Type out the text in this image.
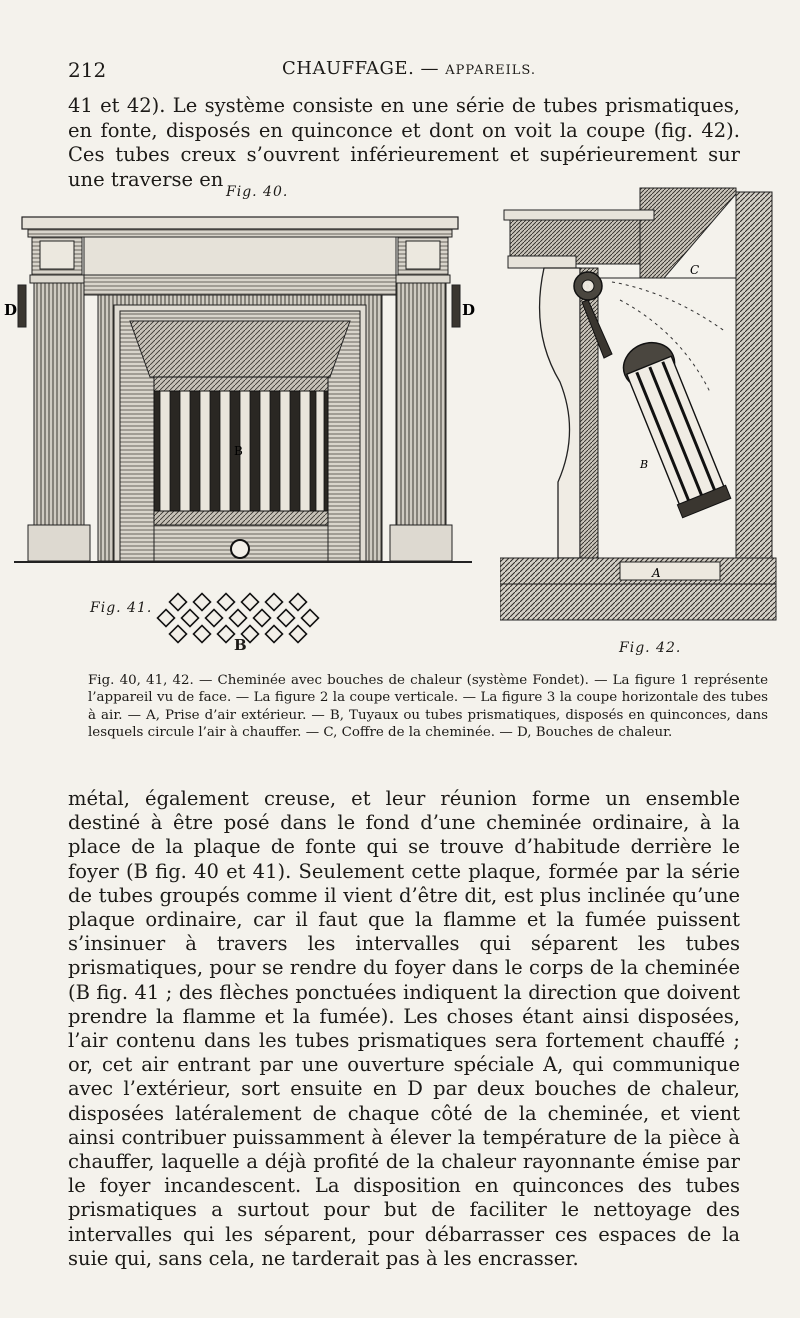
212	CHAUFFAGE. — APPAREILS.

41 et 42). Le système consiste en une série de tubes prismatiques, en fonte, disposés en quinconce et dont on voit la coupe (fig. 42). Ces tubes creux s’ouvrent inférieurement et supérieurement sur une traverse en

Fig. 40.
Fig. 41.
Fig. 42.
D	D
B
B
C
D
B
A

Fig. 40, 41, 42. — Cheminée avec bouches de chaleur (système Fondet). — La figure 1 représente l’appareil vu de face. — La figure 2 la coupe verticale. — La figure 3 la coupe horizontale des tubes à air. — A, Prise d’air extérieur. — B, Tuyaux ou tubes prismatiques, disposés en quinconces, dans lesquels circule l’air à chauffer. — C, Coffre de la cheminée. — D, Bouches de chaleur.

métal, également creuse, et leur réunion forme un ensemble destiné à être posé dans le fond d’une cheminée ordinaire, à la place de la plaque de fonte qui se trouve d’habitude derrière le foyer (B fig. 40 et 41). Seulement cette plaque, formée par la série de tubes groupés comme il vient d’être dit, est plus inclinée qu’une plaque ordinaire, car il faut que la flamme et la fumée puissent s’insinuer à travers les intervalles qui séparent les tubes prismatiques, pour se rendre du foyer dans le corps de la cheminée (B fig. 41 ; des flèches ponctuées indiquent la direction que doivent prendre la flamme et la fumée). Les choses étant ainsi disposées, l’air contenu dans les tubes prismatiques sera fortement chauffé ; or, cet air entrant par une ouverture spéciale A, qui communique avec l’extérieur, sort ensuite en D par deux bouches de chaleur, disposées latéralement de chaque côté de la cheminée, et vient ainsi contribuer puissamment à élever la température de la pièce à chauffer, laquelle a déjà profité de la chaleur rayonnante émise par le foyer incandescent. La disposition en quinconces des tubes prismatiques a surtout pour but de faciliter le nettoyage des intervalles qui les séparent, pour débarrasser ces espaces de la suie qui, sans cela, ne tarderait pas à les encrasser.
